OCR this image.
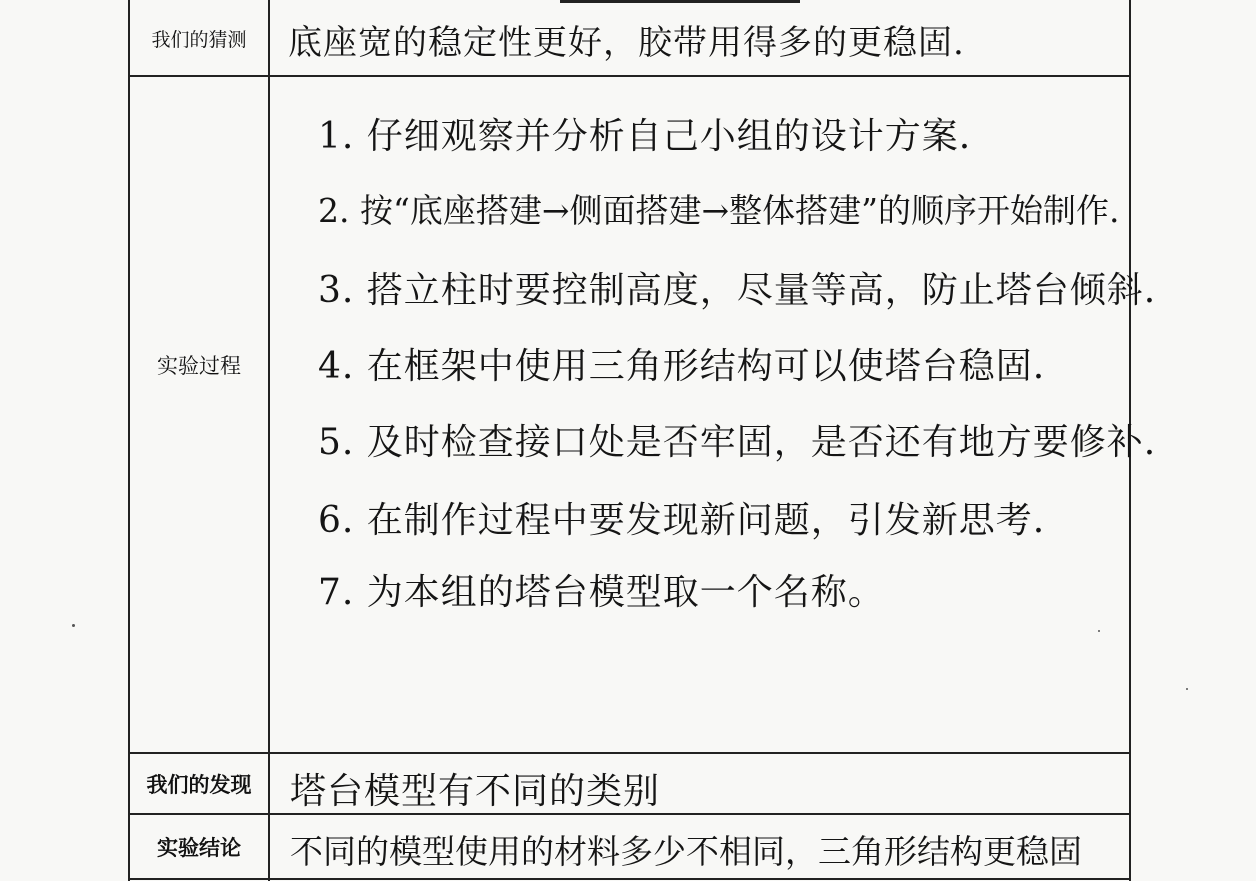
我们的猜测	底座宽的稳定性更好，胶带用得多的更稳固.
实验过程
1. 仔细观察并分析自己小组的设计方案.
2. 按“底座搭建→侧面搭建→整体搭建”的顺序开始制作.
3. 搭立柱时要控制高度，尽量等高，防止塔台倾斜.
4. 在框架中使用三角形结构可以使塔台稳固.
5. 及时检查接口处是否牢固，是否还有地方要修补.
6. 在制作过程中要发现新问题，引发新思考.
7. 为本组的塔台模型取一个名称。
我们的发现	塔台模型有不同的类别
实验结论	不同的模型使用的材料多少不相同，三角形结构更稳固
